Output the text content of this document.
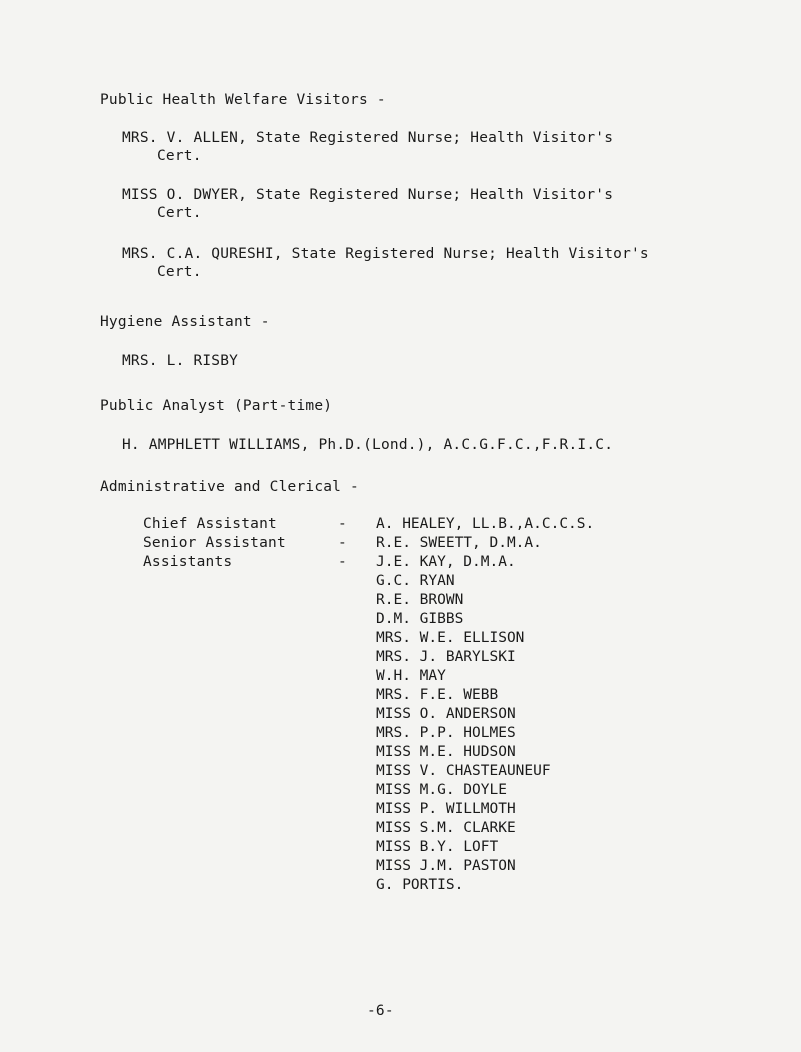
Public Health Welfare Visitors -
MRS. V. ALLEN, State Registered Nurse; Health Visitor's
Cert.
MISS O. DWYER, State Registered Nurse; Health Visitor's
Cert.
MRS. C.A. QURESHI, State Registered Nurse; Health Visitor's
Cert.
Hygiene Assistant -
MRS. L. RISBY
Public Analyst (Part-time)
H. AMPHLETT WILLIAMS, Ph.D.(Lond.), A.C.G.F.C.,F.R.I.C.
Administrative and Clerical -
Chief Assistant	- A. HEALEY, LL.B.,A.C.C.S.
Senior Assistant	- R.E. SWEETT, D.M.A.
Assistants	- J.E. KAY, D.M.A.
G.C. RYAN
R.E. BROWN
D.M. GIBBS
MRS. W.E. ELLISON
MRS. J. BARYLSKI
W.H. MAY
MRS. F.E. WEBB
MISS O. ANDERSON
MRS. P.P. HOLMES
MISS M.E. HUDSON
MISS V. CHASTEAUNEUF
MISS M.G. DOYLE
MISS P. WILLMOTH
MISS S.M. CLARKE
MISS B.Y. LOFT
MISS J.M. PASTON
G. PORTIS.
-6-
